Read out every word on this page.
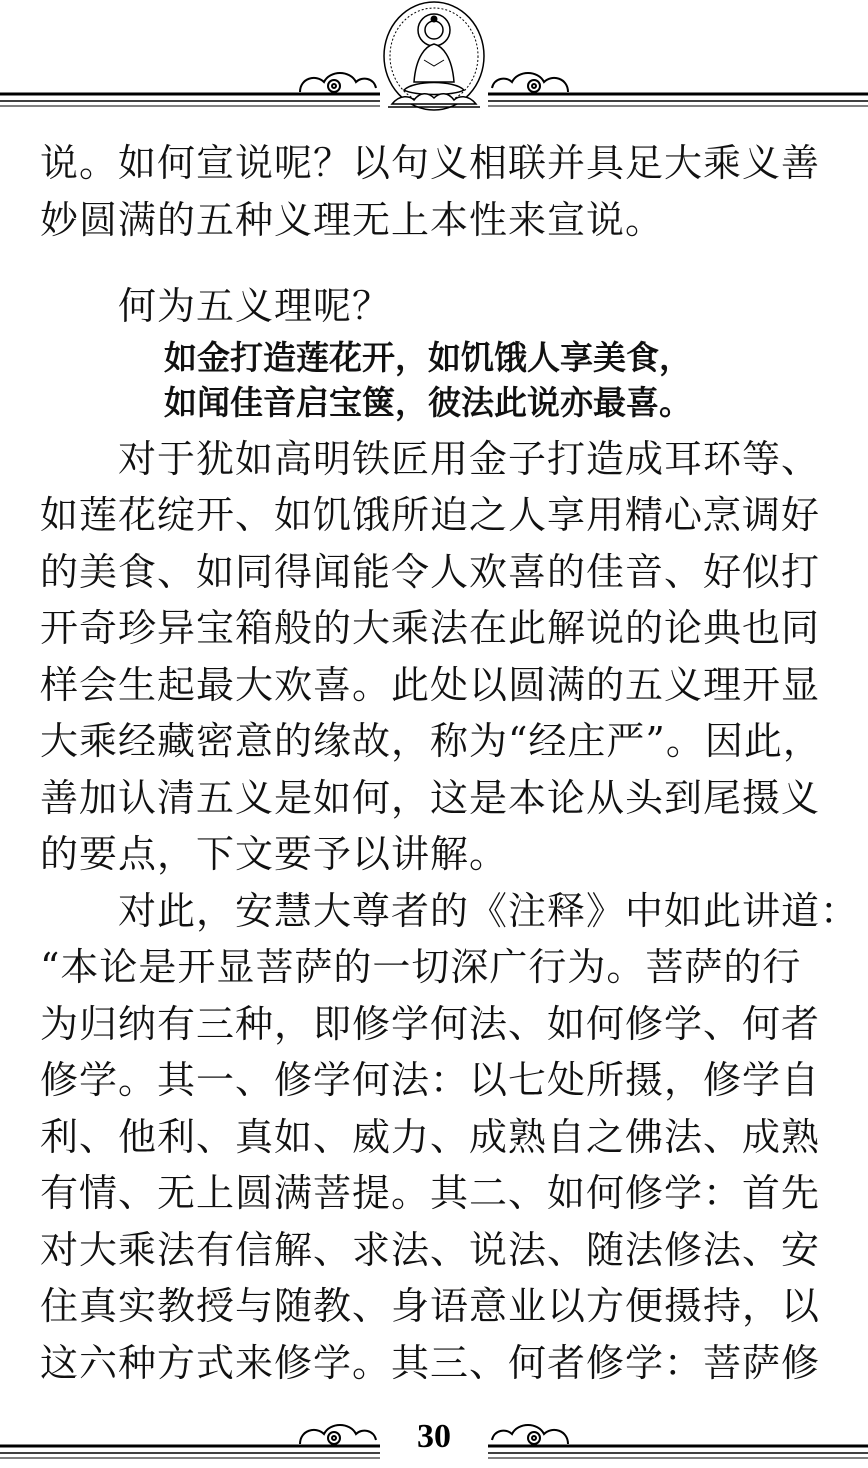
说。如何宣说呢？以句义相联并具足大乘义善
妙圆满的五种义理无上本性来宣说。
何为五义理呢？
如金打造莲花开，如饥饿人享美食，
如闻佳音启宝箧，彼法此说亦最喜。
对于犹如高明铁匠用金子打造成耳环等、
如莲花绽开、如饥饿所迫之人享用精心烹调好
的美食、如同得闻能令人欢喜的佳音、好似打
开奇珍异宝箱般的大乘法在此解说的论典也同
样会生起最大欢喜。此处以圆满的五义理开显
大乘经藏密意的缘故，称为“经庄严”。因此，
善加认清五义是如何，这是本论从头到尾摄义
的要点，下文要予以讲解。
对此，安慧大尊者的《注释》中如此讲道：
“本论是开显菩萨的一切深广行为。菩萨的行
为归纳有三种，即修学何法、如何修学、何者
修学。其一、修学何法：以七处所摄，修学自
利、他利、真如、威力、成熟自之佛法、成熟
有情、无上圆满菩提。其二、如何修学：首先
对大乘法有信解、求法、说法、随法修法、安
住真实教授与随教、身语意业以方便摄持，以
这六种方式来修学。其三、何者修学：菩萨修
30
